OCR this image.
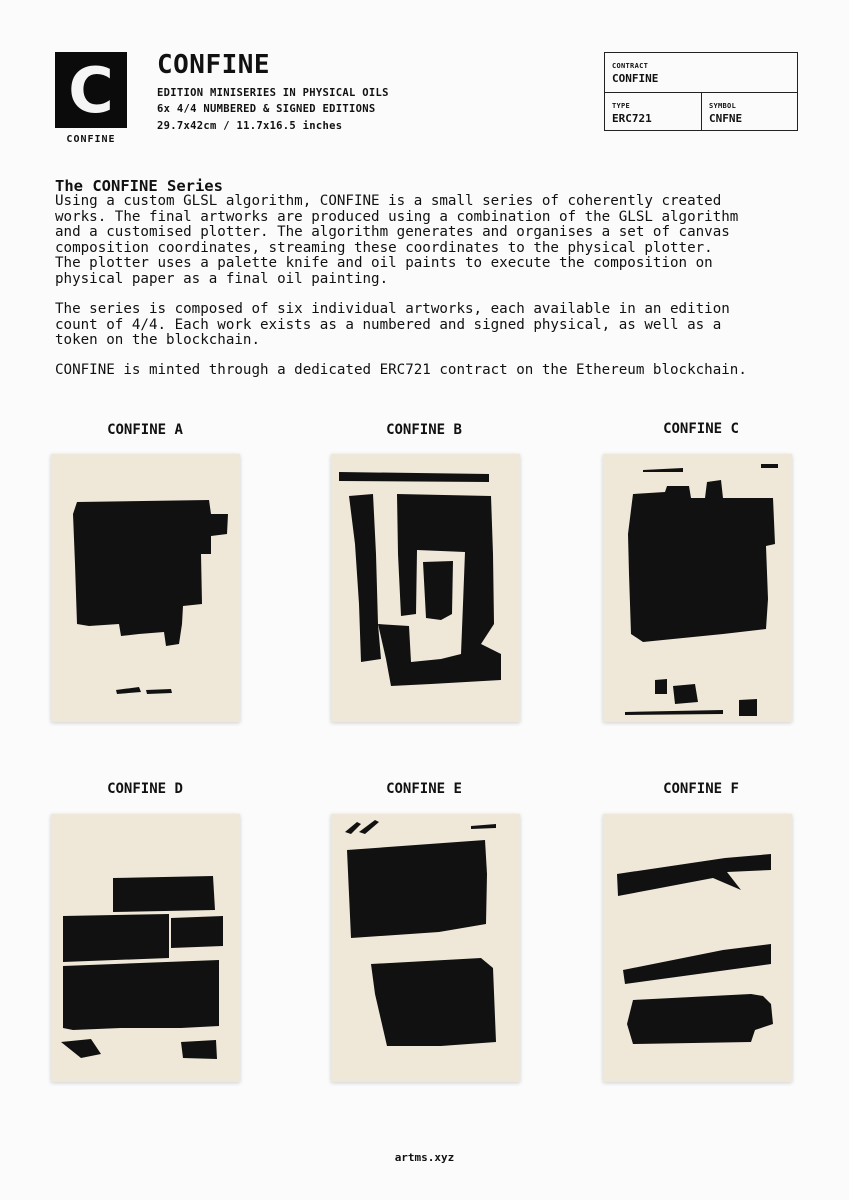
C
CONFINE
CONFINE
EDITION MINISERIES IN PHYSICAL OILS
6x 4/4 NUMBERED & SIGNED EDITIONS
29.7x42cm / 11.7x16.5 inches
CONTRACT
CONFINE
TYPE
ERC721
SYMBOL
CNFNE
The CONFINE Series

Using a custom GLSL algorithm, CONFINE is a small series of coherently created
works. The final artworks are produced using a combination of the GLSL algorithm
and a customised plotter. The algorithm generates and organises a set of canvas
composition coordinates, streaming these coordinates to the physical plotter.
The plotter uses a palette knife and oil paints to execute the composition on
physical paper as a final oil painting.

The series is composed of six individual artworks, each available in an edition
count of 4/4. Each work exists as a numbered and signed physical, as well as a
token on the blockchain.

CONFINE is minted through a dedicated ERC721 contract on the Ethereum blockchain.

CONFINE A	CONFINE B	CONFINE C
CONFINE D	CONFINE E	CONFINE F
artms.xyz
